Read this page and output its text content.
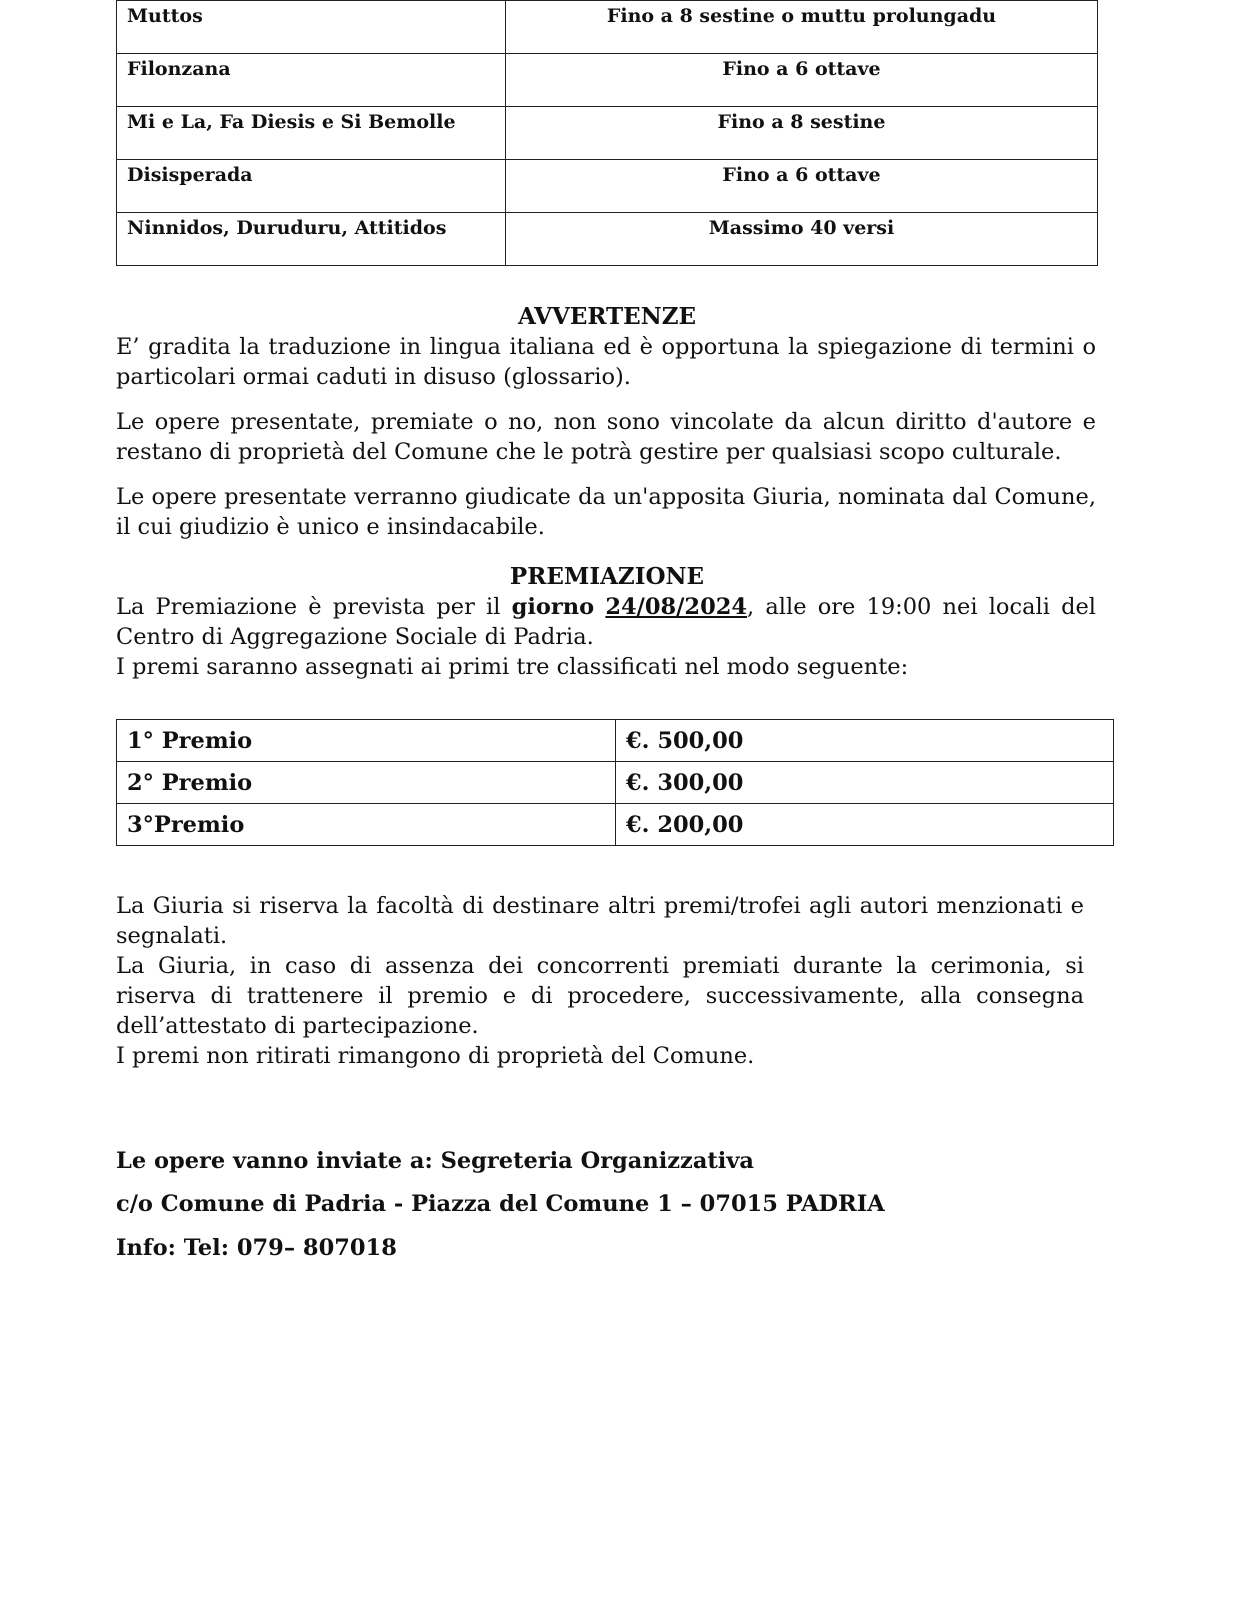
Muttos	Fino a 8 sestine o muttu prolungadu
Filonzana	Fino a 6 ottave
Mi e La, Fa Diesis e Si Bemolle	Fino a 8 sestine
Disisperada	Fino a 6 ottave
Ninnidos, Duruduru, Attitidos	Massimo 40 versi
AVVERTENZE

E’ gradita la traduzione in lingua italiana ed è opportuna la spiegazione di termini o particolari ormai caduti in disuso (glossario).

Le opere presentate, premiate o no, non sono vincolate da alcun diritto d'autore e restano di proprietà del Comune che le potrà gestire per qualsiasi scopo culturale.

Le opere presentate verranno giudicate da un'apposita Giuria, nominata dal Comune, il cui giudizio è unico e insindacabile.

PREMIAZIONE

La Premiazione è prevista per il giorno 24/08/2024, alle ore 19:00 nei locali del Centro di Aggregazione Sociale di Padria.

I premi saranno assegnati ai primi tre classificati nel modo seguente:

1° Premio	€. 500,00
2° Premio	€. 300,00
3°Premio	€. 200,00

La Giuria si riserva la facoltà di destinare altri premi/trofei agli autori menzionati e segnalati.

La Giuria, in caso di assenza dei concorrenti premiati durante la cerimonia, si riserva di trattenere il premio e di procedere, successivamente, alla consegna dell’attestato di partecipazione.

I premi non ritirati rimangono di proprietà del Comune.

Le opere vanno inviate a: Segreteria Organizzativa
c/o Comune di Padria - Piazza del Comune 1 – 07015 PADRIA
Info: Tel: 079– 807018
